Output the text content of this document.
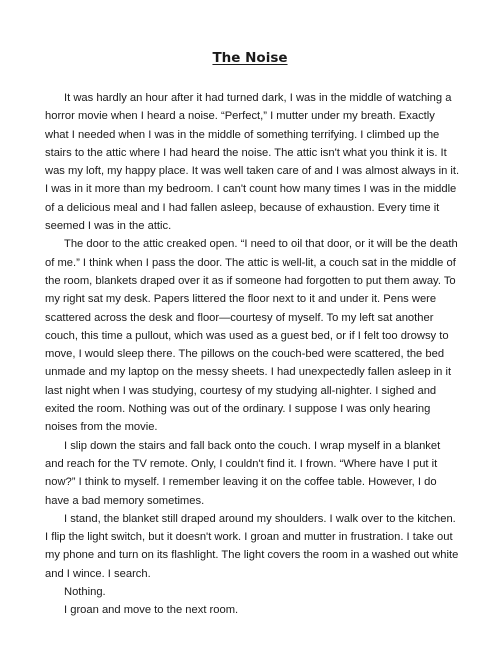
The Noise

It was hardly an hour after it had turned dark, I was in the middle of watching a horror movie when I heard a noise. “Perfect,” I mutter under my breath. Exactly what I needed when I was in the middle of something terrifying. I climbed up the stairs to the attic where I had heard the noise. The attic isn't what you think it is. It was my loft, my happy place. It was well taken care of and I was almost always in it. I was in it more than my bedroom. I can't count how many times I was in the middle of a delicious meal and I had fallen asleep, because of exhaustion. Every time it seemed I was in the attic.

The door to the attic creaked open. “I need to oil that door, or it will be the death of me.” I think when I pass the door. The attic is well-lit, a couch sat in the middle of the room, blankets draped over it as if someone had forgotten to put them away. To my right sat my desk. Papers littered the floor next to it and under it. Pens were scattered across the desk and floor—courtesy of myself. To my left sat another couch, this time a pullout, which was used as a guest bed, or if I felt too drowsy to move, I would sleep there. The pillows on the couch-bed were scattered, the bed unmade and my laptop on the messy sheets. I had unexpectedly fallen asleep in it last night when I was studying, courtesy of my studying all-nighter. I sighed and exited the room. Nothing was out of the ordinary. I suppose I was only hearing noises from the movie.

I slip down the stairs and fall back onto the couch. I wrap myself in a blanket and reach for the TV remote. Only, I couldn't find it. I frown. “Where have I put it now?” I think to myself. I remember leaving it on the coffee table. However, I do have a bad memory sometimes.

I stand, the blanket still draped around my shoulders. I walk over to the kitchen. I flip the light switch, but it doesn't work. I groan and mutter in frustration. I take out my phone and turn on its flashlight. The light covers the room in a washed out white and I wince. I search.

Nothing.

I groan and move to the next room.
